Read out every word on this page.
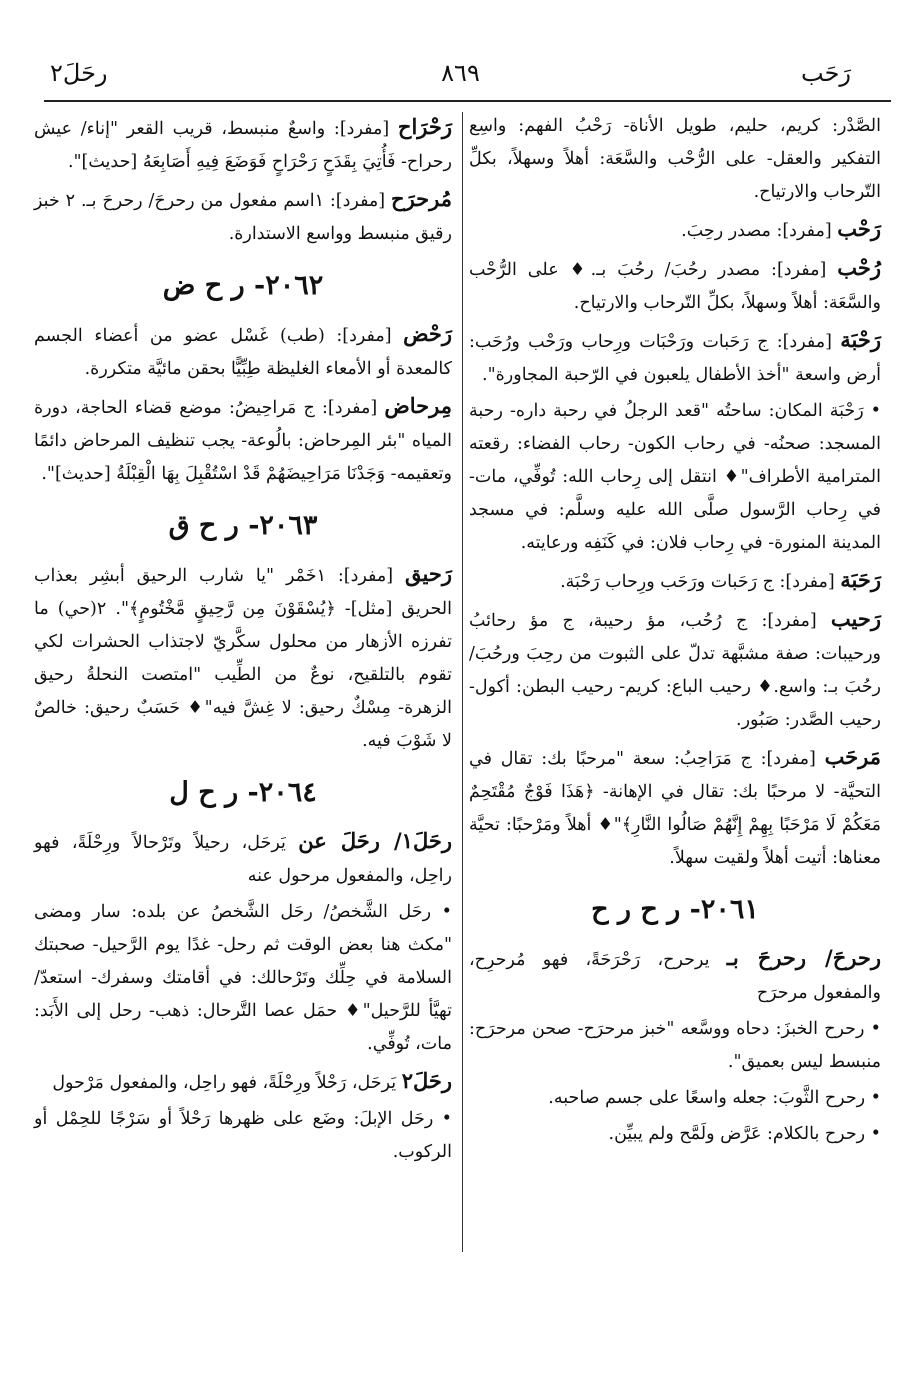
رَحَب
٨٦٩
رحَلَ٢
الصَّدْر: كريم، حليم، طويل الأناة- رَحْبُ الفهم: واسِع التفكير والعقل- على الرُّحْب والسَّعَة: أهلاً وسهلاً، بكلِّ التّرحاب والارتياح.
رَحْب [مفرد]: مصدر رحِبَ.
رُحْب [مفرد]: مصدر رحُبَ/ رحُبَ بـ.♦ على الرُّحْب والسَّعَة: أهلاً وسهلاً، بكلِّ التّرحاب والارتياح.
رَحْبَة [مفرد]: ج رَحَبات ورَحْبَات ورِحاب ورَحْب ورُحَب: أرض واسعة "أخذ الأطفال يلعبون في الرّحبة المجاورة".
• رَحْبَة المكان: ساحتُه "قعد الرجلُ في رحبة داره- رحبة المسجد: صحنُه- في رحاب الكون- رحاب الفضاء: رقعته المترامية الأطراف"♦ انتقل إلى رِحاب الله: تُوفِّي، مات- في رِحاب الرَّسول صلَّى الله عليه وسلَّم: في مسجد المدينة المنورة- في رِحاب فلان: في كَنَفِه ورعايته.
رَحَبَة [مفرد]: ج رَحَبات ورَحَب ورِحاب رَحْبَة.
رَحيب [مفرد]: ج رُحُب، مؤ رحيبة، ج مؤ رحائبُ ورحيبات: صفة مشبَّهة تدلّ على الثبوت من رحِبَ ورحُبَ/ رحُبَ بـ: واسع.♦ رحيب الباع: كريم- رحيب البطن: أكول- رحيب الصَّدر: صَبُور.
مَرحَب [مفرد]: ج مَرَاحِبُ: سعة "مرحبًا بك: تقال في التحيَّة- لا مرحبًا بك: تقال في الإهانة- ﴿هَذَا فَوْجٌ مُقْتَحِمٌ مَعَكُمْ لَا مَرْحَبًا بِهِمْ إِنَّهُمْ صَالُوا النَّارِ﴾"♦ أهلاً ومَرْحبًا: تحيَّة معناها: أتيت أهلاً ولقيت سهلاً.
٢٠٦١- ر ح ر ح
رحرحَ/ رحرحَ بـ يرحرح، رَحْرَحَةً، فهو مُرحرِح، والمفعول مرحرَح
• رحرح الخبزَ: دحاه ووسَّعه "خبز مرحرَح- صحن مرحرَح: منبسط ليس بعميق".
• رحرح الثَّوبَ: جعله واسعًا على جسم صاحبه.
• رحرح بالكلام: عَرَّض ولَمَّح ولم يبيِّن.
رَحْرَاح [مفرد]: واسعٌ منبسط، قريب القعر "إناء/ عيش رحراح- فَأُتِيَ بِقَدَحٍ رَحْرَاحٍ فَوَضَعَ فِيهِ أَصَابِعَهُ [حديث]".
مُرحرَح [مفرد]: ١اسم مفعول من رحرحَ/ رحرحَ بـ. ٢ خبز رقيق منبسط وواسع الاستدارة.
٢٠٦٢- ر ح ض
رَحْض [مفرد]: (طب) غَسْل عضو من أعضاء الجسم كالمعدة أو الأمعاء الغليظة طِبِّيًّا بحقن مائيَّة متكررة.
مِرحاض [مفرد]: ج مَراحِيضُ: موضع قضاء الحاجة، دورة المياه "بئر المِرحاض: بالُوعة- يجب تنظيف المرحاض دائمًا وتعقيمه- وَجَدْنَا مَرَاحِيضَهُمْ قَدْ اسْتُقْبِلَ بِهَا الْقِبْلَةُ [حديث]".
٢٠٦٣- ر ح ق
رَحيق [مفرد]: ١خَمْر "يا شارب الرحيق أبشِر بعذاب الحريق [مثل]- ﴿يُسْقَوْنَ مِن رَّحِيقٍ مَّخْتُومٍ﴾". ٢(حي) ما تفرزه الأزهار من محلول سكَّريّ لاجتذاب الحشرات لكي تقوم بالتلقيح، نوعٌ من الطِّيب "امتصت النحلةُ رحيق الزهرة- مِسْكٌ رحيق: لا غِشَّ فيه"♦ حَسَبٌ رحيق: خالصٌ لا شَوْبَ فيه.
٢٠٦٤- ر ح ل
رحَلَ١/ رحَلَ عن يَرحَل، رحيلاً وتَرْحالاً ورِحْلَةً، فهو راحِل، والمفعول مرحول عنه
• رحَل الشَّخصُ/ رحَل الشَّخصُ عن بلده: سار ومضى "مكث هنا بعض الوقت ثم رحل- غدًا يوم الرَّحيل- صحبتك السلامة في حِلِّك وتَرْحالك: في أقامتك وسفرك- استعدّ/ تهيَّأ للرَّحيل"♦ حمَل عصا التَّرحال: ذهب- رحل إلى الأَبَد: مات، تُوفِّي.
رحَلَ٢ يَرحَل، رَحْلاً ورِحْلَةً، فهو راحِل، والمفعول مَرْحول
• رحَل الإبلَ: وضَع على ظهرها رَحْلاً أو سَرْجًا للحِمْل أو الركوب.
